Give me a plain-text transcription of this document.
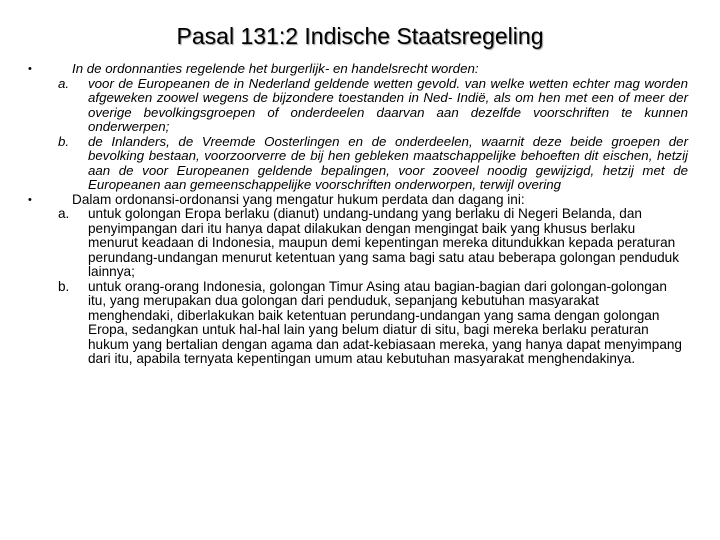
Pasal 131:2 Indische Staatsregeling
•	In de ordonnanties regelende het burgerlijk- en handelsrecht worden:
a.	voor de Europeanen de in Nederland geldende wetten gevold. van welke wetten echter mag worden afgeweken zoowel wegens de bijzondere toestanden in Ned- Indië, als om hen met een of meer der overige bevolkingsgroepen of onderdeelen daarvan aan dezelfde voorschriften te kunnen onderwerpen;
b.	de Inlanders, de Vreemde Oosterlingen en de onderdeelen, waarnit deze beide groepen der bevolking bestaan, voorzoorverre de bij hen gebleken maatschappelijke behoeften dit eischen, hetzij aan de voor Europeanen geldende bepalingen, voor zooveel noodig gewijzigd, hetzij met de Europeanen aan gemeenschappelijke voorschriften onderworpen, terwijl overing
•	Dalam ordonansi-ordonansi yang mengatur hukum perdata dan dagang ini:
a.	untuk golongan Eropa berlaku (dianut) undang-undang yang berlaku di Negeri Belanda, dan penyimpangan dari itu hanya dapat dilakukan dengan mengingat baik yang khusus berlaku menurut keadaan di Indonesia, maupun demi kepentingan mereka ditundukkan kepada peraturan perundang-undangan menurut ketentuan yang sama bagi satu atau beberapa golongan penduduk lainnya;
b.	untuk orang-orang Indonesia, golongan Timur Asing atau bagian-bagian dari golongan-golongan itu, yang merupakan dua golongan dari penduduk, sepanjang kebutuhan masyarakat menghendaki, diberlakukan baik ketentuan perundang-undangan yang sama dengan golongan Eropa, sedangkan untuk hal-hal lain yang belum diatur di situ, bagi mereka berlaku peraturan hukum yang bertalian dengan agama dan adat-kebiasaan mereka, yang hanya dapat menyimpang dari itu, apabila ternyata kepentingan umum atau kebutuhan masyarakat menghendakinya.
